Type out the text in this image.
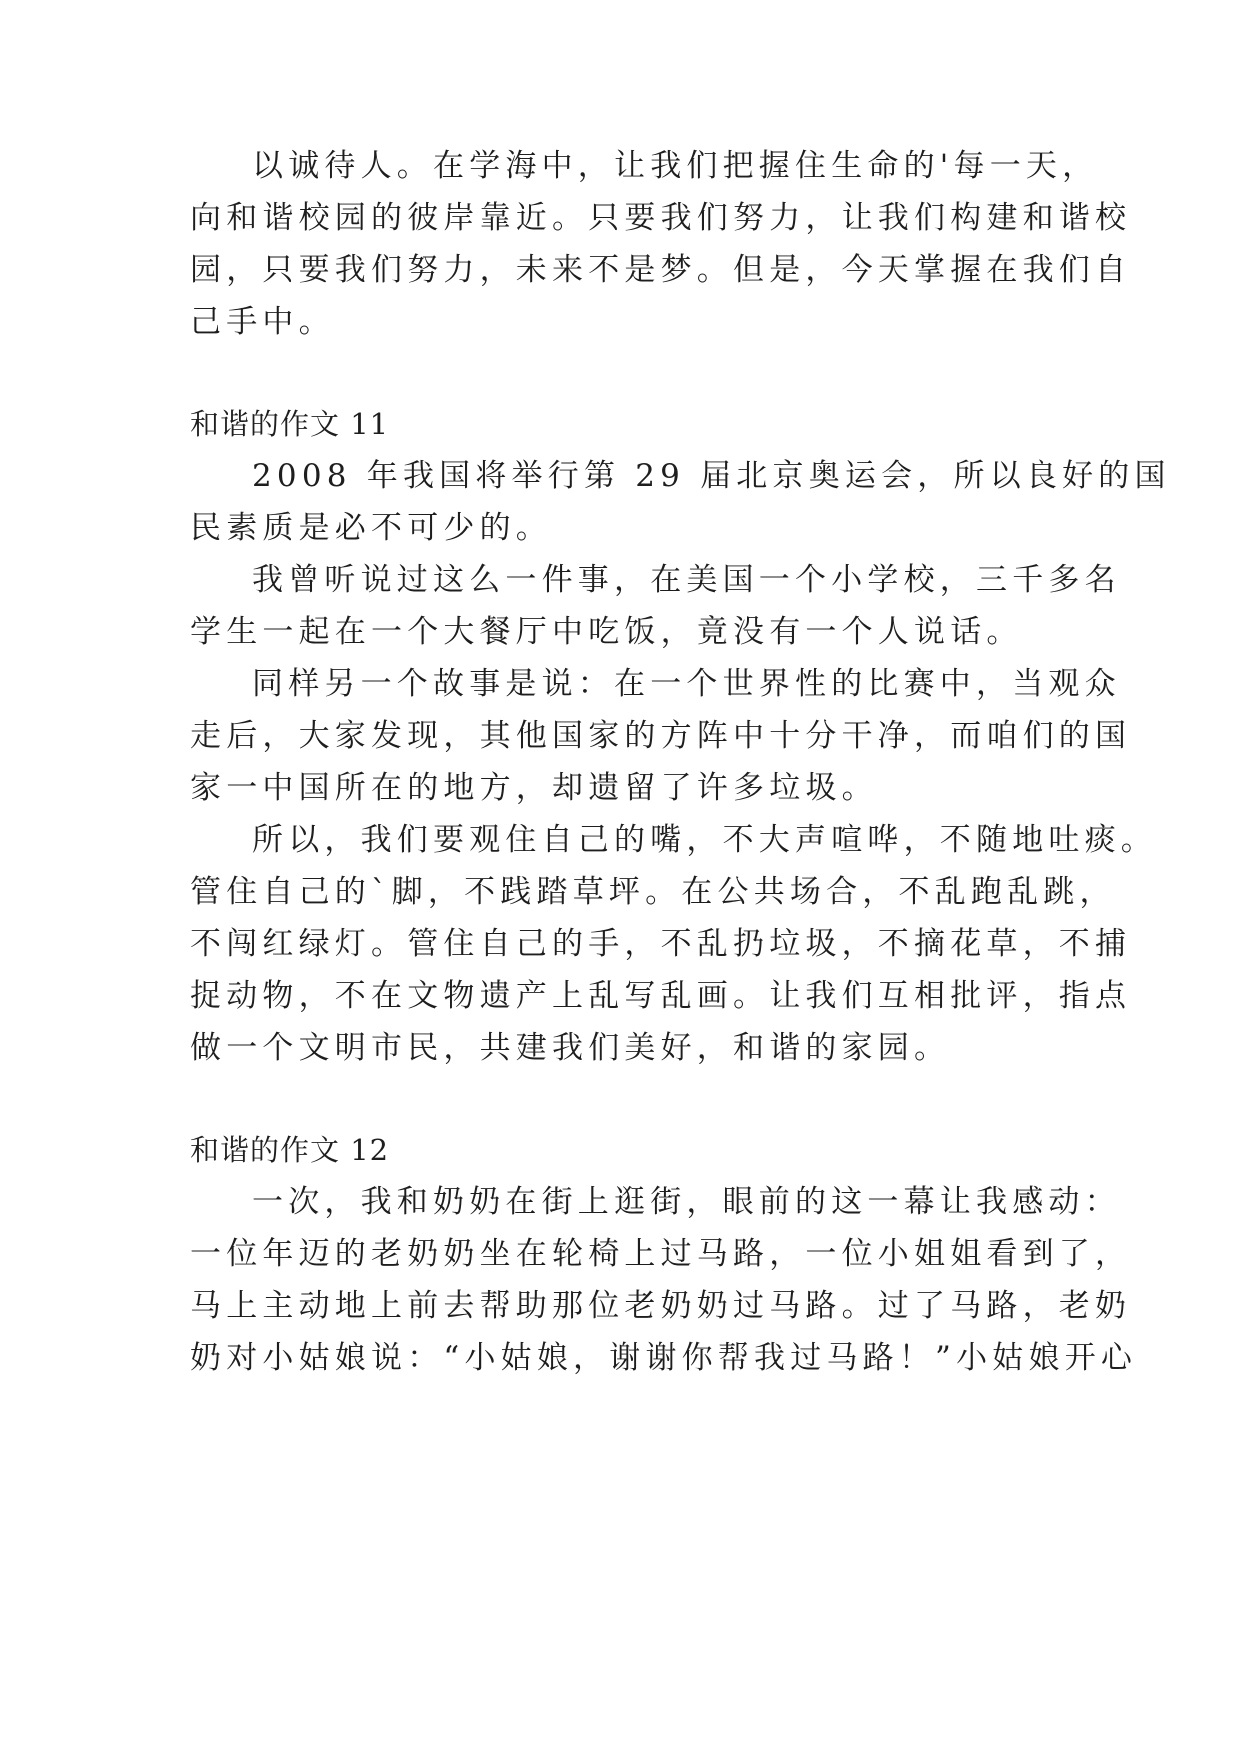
以诚待人。在学海中，让我们把握住生命的'每一天，
向和谐校园的彼岸靠近。只要我们努力，让我们构建和谐校
园，只要我们努力，未来不是梦。但是，今天掌握在我们自
己手中。
和谐的作文 11
2008 年我国将举行第 29 届北京奥运会，所以良好的国
民素质是必不可少的。
我曾听说过这么一件事，在美国一个小学校，三千多名
学生一起在一个大餐厅中吃饭，竟没有一个人说话。
同样另一个故事是说：在一个世界性的比赛中，当观众
走后，大家发现，其他国家的方阵中十分干净，而咱们的国
家一中国所在的地方，却遗留了许多垃圾。
所以，我们要观住自己的嘴，不大声喧哗，不随地吐痰。
管住自己的`脚，不践踏草坪。在公共场合，不乱跑乱跳，
不闯红绿灯。管住自己的手，不乱扔垃圾，不摘花草，不捕
捉动物，不在文物遗产上乱写乱画。让我们互相批评，指点
做一个文明市民，共建我们美好，和谐的家园。
和谐的作文 12
一次，我和奶奶在街上逛街，眼前的这一幕让我感动：
一位年迈的老奶奶坐在轮椅上过马路，一位小姐姐看到了，
马上主动地上前去帮助那位老奶奶过马路。过了马路，老奶
奶对小姑娘说：“小姑娘，谢谢你帮我过马路！”小姑娘开心
